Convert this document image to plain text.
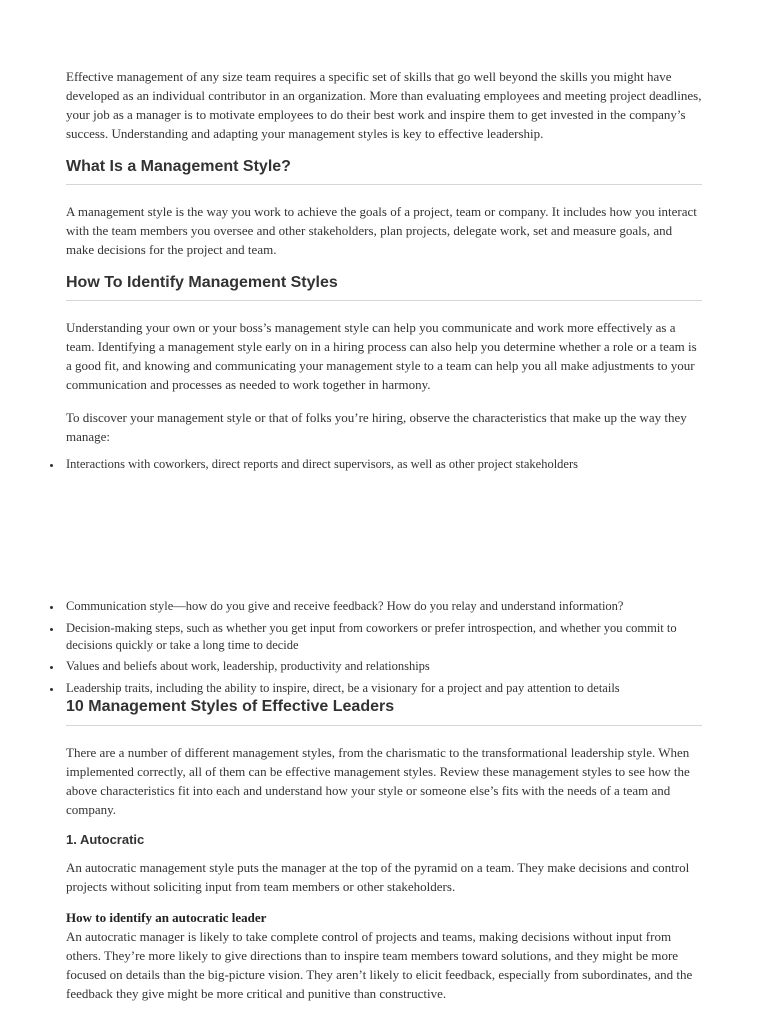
Effective management of any size team requires a specific set of skills that go well beyond the skills you might have developed as an individual contributor in an organization. More than evaluating employees and meeting project deadlines, your job as a manager is to motivate employees to do their best work and inspire them to get invested in the company’s success. Understanding and adapting your management styles is key to effective leadership.

What Is a Management Style?

A management style is the way you work to achieve the goals of a project, team or company. It includes how you interact with the team members you oversee and other stakeholders, plan projects, delegate work, set and measure goals, and make decisions for the project and team.

How To Identify Management Styles

Understanding your own or your boss’s management style can help you communicate and work more effectively as a team. Identifying a management style early on in a hiring process can also help you determine whether a role or a team is a good fit, and knowing and communicating your management style to a team can help you all make adjustments to your communication and processes as needed to work together in harmony.

To discover your management style or that of folks you’re hiring, observe the characteristics that make up the way they manage:

Interactions with coworkers, direct reports and direct supervisors, as well as other project stakeholders
Communication style—how do you give and receive feedback? How do you relay and understand information?
Decision-making steps, such as whether you get input from coworkers or prefer introspection, and whether you commit to decisions quickly or take a long time to decide
Values and beliefs about work, leadership, productivity and relationships
Leadership traits, including the ability to inspire, direct, be a visionary for a project and pay attention to details
10 Management Styles of Effective Leaders

There are a number of different management styles, from the charismatic to the transformational leadership style. When implemented correctly, all of them can be effective management styles. Review these management styles to see how the above characteristics fit into each and understand how your style or someone else’s fits with the needs of a team and company.

1. Autocratic

An autocratic management style puts the manager at the top of the pyramid on a team. They make decisions and control projects without soliciting input from team members or other stakeholders.

How to identify an autocratic leader

An autocratic manager is likely to take complete control of projects and teams, making decisions without input from others. They’re more likely to give directions than to inspire team members toward solutions, and they might be more focused on details than the big-picture vision. They aren’t likely to elicit feedback, especially from subordinates, and the feedback they give might be more critical and punitive than constructive.
